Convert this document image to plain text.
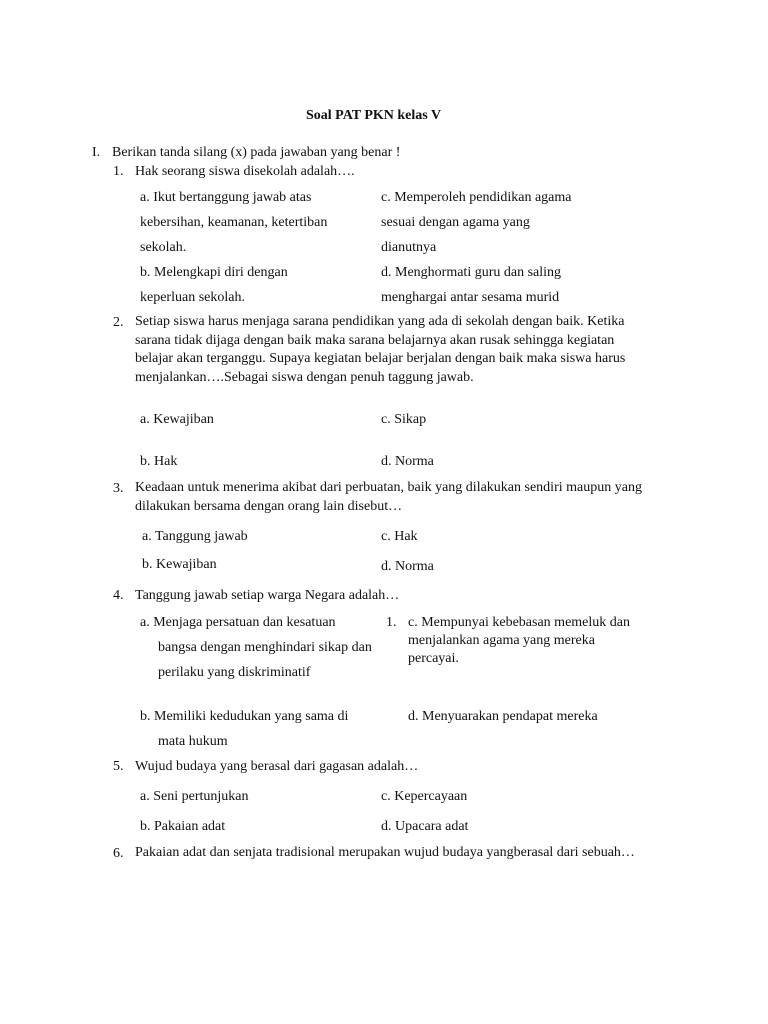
Soal PAT PKN kelas V
I. Berikan tanda silang (x) pada jawaban yang benar !
1. Hak seorang siswa disekolah adalah….
a. Ikut bertanggung jawab atas
kebersihan, keamanan, ketertiban
sekolah.
c. Memperoleh pendidikan agama
sesuai dengan agama yang
dianutnya
b. Melengkapi diri dengan
keperluan sekolah.
d. Menghormati guru dan saling
menghargai antar sesama murid
2. Setiap siswa harus menjaga sarana pendidikan yang ada di sekolah dengan baik. Ketika sarana tidak dijaga dengan baik maka sarana belajarnya akan rusak sehingga kegiatan belajar akan terganggu. Supaya kegiatan belajar berjalan dengan baik maka siswa harus menjalankan….Sebagai siswa dengan penuh taggung jawab.
a. Kewajiban	c. Sikap
b. Hak	d. Norma
3. Keadaan untuk menerima akibat dari perbuatan, baik yang dilakukan sendiri maupun yang dilakukan bersama dengan orang lain disebut…
a. Tanggung jawab	c. Hak
b. Kewajiban	d. Norma
4. Tanggung jawab setiap warga Negara adalah…
a. Menjaga persatuan dan kesatuan
bangsa dengan menghindari sikap dan
perilaku yang diskriminatif
1. c. Mempunyai kebebasan memeluk dan
menjalankan agama yang mereka
percayai.
b. Memiliki kedudukan yang sama di
mata hukum
d. Menyuarakan pendapat mereka
5. Wujud budaya yang berasal dari gagasan adalah…
a. Seni pertunjukan	c. Kepercayaan
b. Pakaian adat	d. Upacara adat
6. Pakaian adat dan senjata tradisional merupakan wujud budaya yangberasal dari sebuah…
